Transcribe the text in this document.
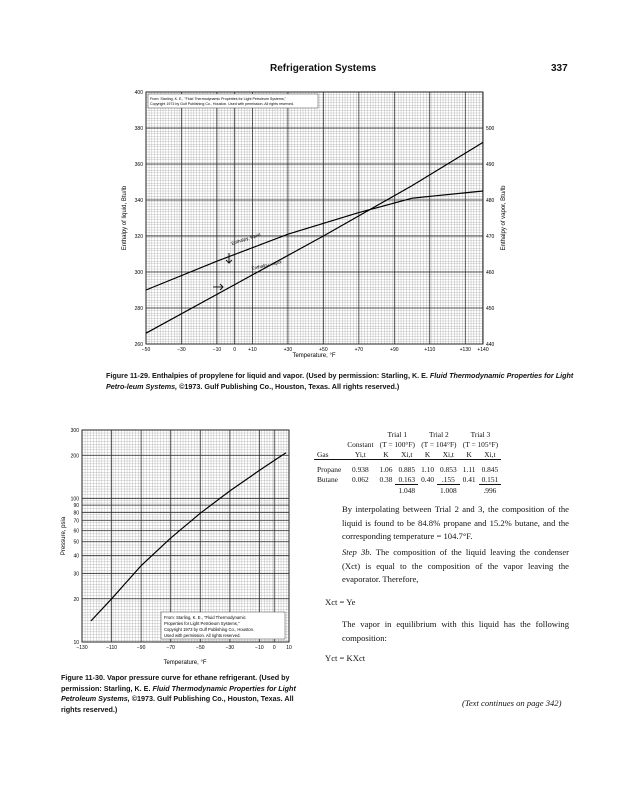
Refrigeration Systems	337
−50	−30	−10 0 +10	+30	+50	+70	+90	+110	+130 +140
260
280
300
320
340
360
380
400
440
450
460
470
480
490
500
From: Starling, K. E., "Fluid Thermodynamic Properties for Light Petroleum Systems,"
Copyright 1973 by Gulf Publishing Co., Houston. Used with permission. All rights reserved.
Enthalpy, liquid
Enthalpy, vapor
Temperature, °F
Enthalpy of liquid, Btu/lb	Enthalpy of vapor, Btu/lb
Figure 11-29. Enthalpies of propylene for liquid and vapor. (Used by permission: Starling, K. E. Fluid Thermodynamic Properties for Light Petro-leum Systems, ©1973. Gulf Publishing Co., Houston, Texas. All rights reserved.)
−130	−110	−90	−70	−50	−30	−10 0 10
10
20
30
40
50
60
70
80
90
100
200
300
From: Starling, K. E., "Fluid Thermodynamic
Properties for Light Petroleum Systems,"
Copyright 1973 by Gulf Publishing Co., Houston.
Used with permission. All rights reserved.
Temperature, °F
Pressure, psia
Figure 11-30. Vapor pressure curve for ethane refrigerant. (Used by permission: Starling, K. E. Fluid Thermodynamic Properties for Light Petroleum Systems, ©1973. Gulf Publishing Co., Houston, Texas. All rights reserved.)
		Trial 1		Trial 2		Trial 3	
	Constant	(T = 100°F)		(T = 104°F)		(T = 105°F)	
Gas	Yi,t	K	Xi,t	K	Xi,t	K	Xi,t

Propane	0.938	1.06	0.885	1.10	0.853	1.11	0.845
Butane	0.062	0.38	0.163	0.40	.155	0.41	0.151
			1.048		1.008		.996
By interpolating between Trial 2 and 3, the composition of the liquid is found to be 84.8% propane and 15.2% butane, and the corresponding temperature = 104.7°F.
Step 3b. The composition of the liquid leaving the condenser (Xct) is equal to the composition of the vapor leaving the evaporator. Therefore,
Xct = Ye
The vapor in equilibrium with this liquid has the following composition:
Yct = KXct
(Text continues on page 342)
